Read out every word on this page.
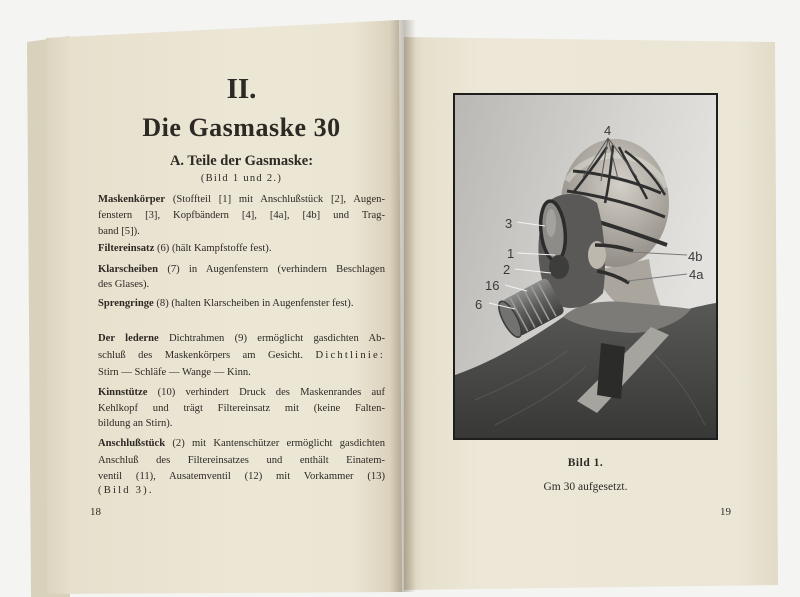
II.
Die Gasmaske 30
A. Teile der Gasmaske:
(Bild 1 und 2.)
Maskenkörper (Stoffteil [1] mit Anschlußstück [2], Augen-
fenstern [3], Kopfbändern [4], [4a], [4b] und Trag-
band [5]).
Filtereinsatz (6) (hält Kampfstoffe fest).
Klarscheiben (7) in Augenfenstern (verhindern Beschlagen
des Glases).
Sprengringe (8) (halten Klarscheiben in Augenfenster fest).
Der lederne Dichtrahmen (9) ermöglicht gasdichten Ab-
schluß des Maskenkörpers am Gesicht. Dichtlinie:
Stirn — Schläfe — Wange — Kinn.
Kinnstütze (10) verhindert Druck des Maskenrandes auf
Kehlkopf und trägt Filtereinsatz mit (keine Falten-
bildung an Stirn).
Anschlußstück (2) mit Kantenschützer ermöglicht gasdichten
Anschluß des Filtereinsatzes und enthält Einatem-
ventil (11), Ausatemventil (12) mit Vorkammer (13)
(Bild 3).
18
4
3
1
2
16
6
4b
4a
Bild 1.
Gm 30 aufgesetzt.
19
